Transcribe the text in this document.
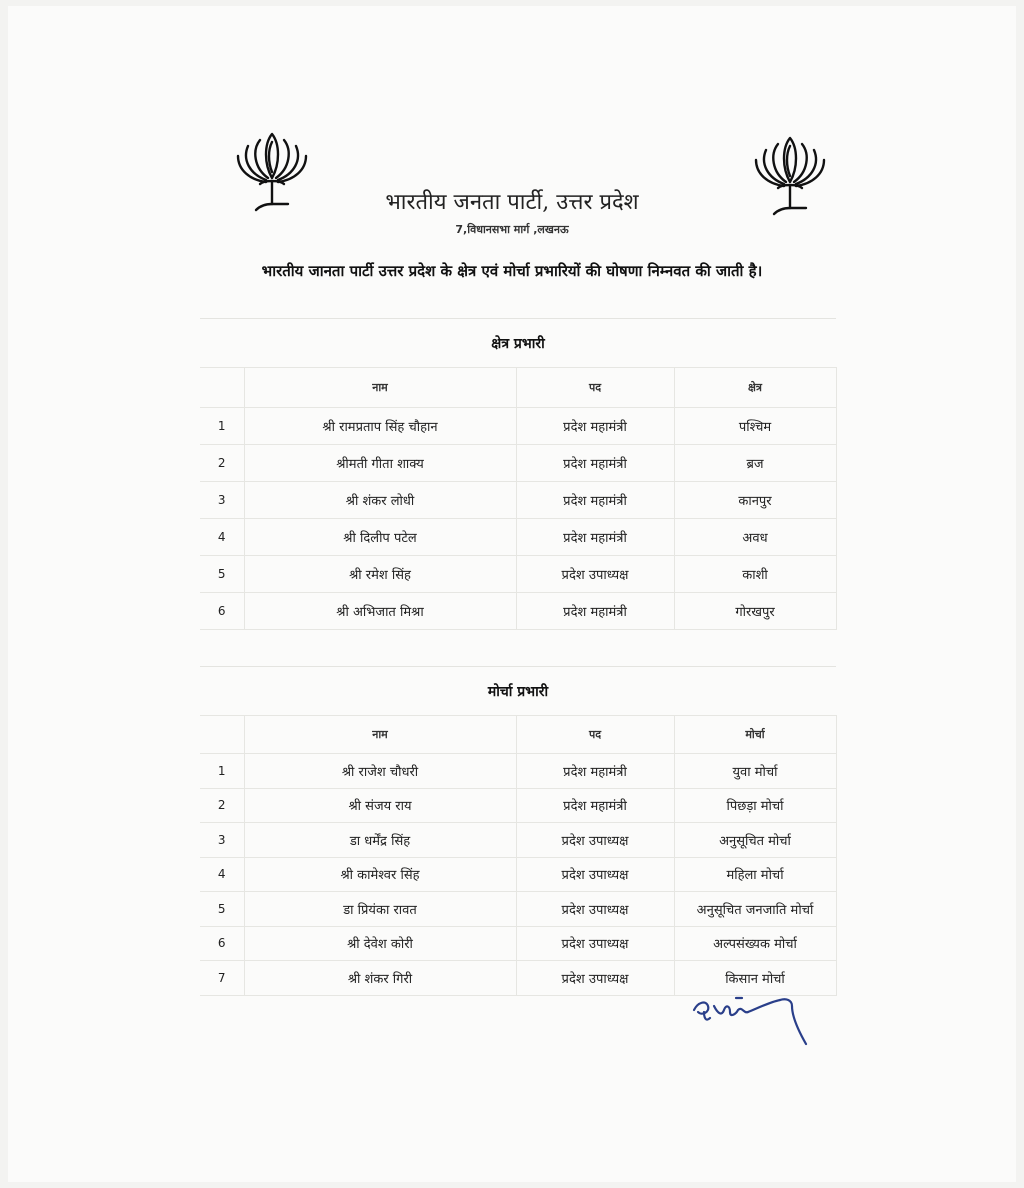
भारतीय जनता पार्टी, उत्तर प्रदेश
7,विधानसभा मार्ग ,लखनऊ
भारतीय जानता पार्टी उत्तर प्रदेश के क्षेत्र एवं मोर्चा प्रभारियों की घोषणा निम्नवत की जाती है।
क्षेत्र प्रभारी
	नाम	पद	क्षेत्र
1	श्री रामप्रताप सिंह चौहान	प्रदेश महामंत्री	पश्चिम
2	श्रीमती गीता शाक्य	प्रदेश महामंत्री	ब्रज
3	श्री शंकर लोधी	प्रदेश महामंत्री	कानपुर
4	श्री दिलीप पटेल	प्रदेश महामंत्री	अवध
5	श्री रमेश सिंह	प्रदेश उपाध्यक्ष	काशी
6	श्री अभिजात मिश्रा	प्रदेश महामंत्री	गोरखपुर
मोर्चा प्रभारी
	नाम	पद	मोर्चा
1	श्री राजेश चौधरी	प्रदेश महामंत्री	युवा मोर्चा
2	श्री संजय राय	प्रदेश महामंत्री	पिछड़ा मोर्चा
3	डा धर्मेंद्र सिंह	प्रदेश उपाध्यक्ष	अनुसूचित मोर्चा
4	श्री कामेश्वर सिंह	प्रदेश उपाध्यक्ष	महिला मोर्चा
5	डा प्रियंका रावत	प्रदेश उपाध्यक्ष	अनुसूचित जनजाति मोर्चा
6	श्री देवेश कोरी	प्रदेश उपाध्यक्ष	अल्पसंख्यक मोर्चा
7	श्री शंकर गिरी	प्रदेश उपाध्यक्ष	किसान मोर्चा
